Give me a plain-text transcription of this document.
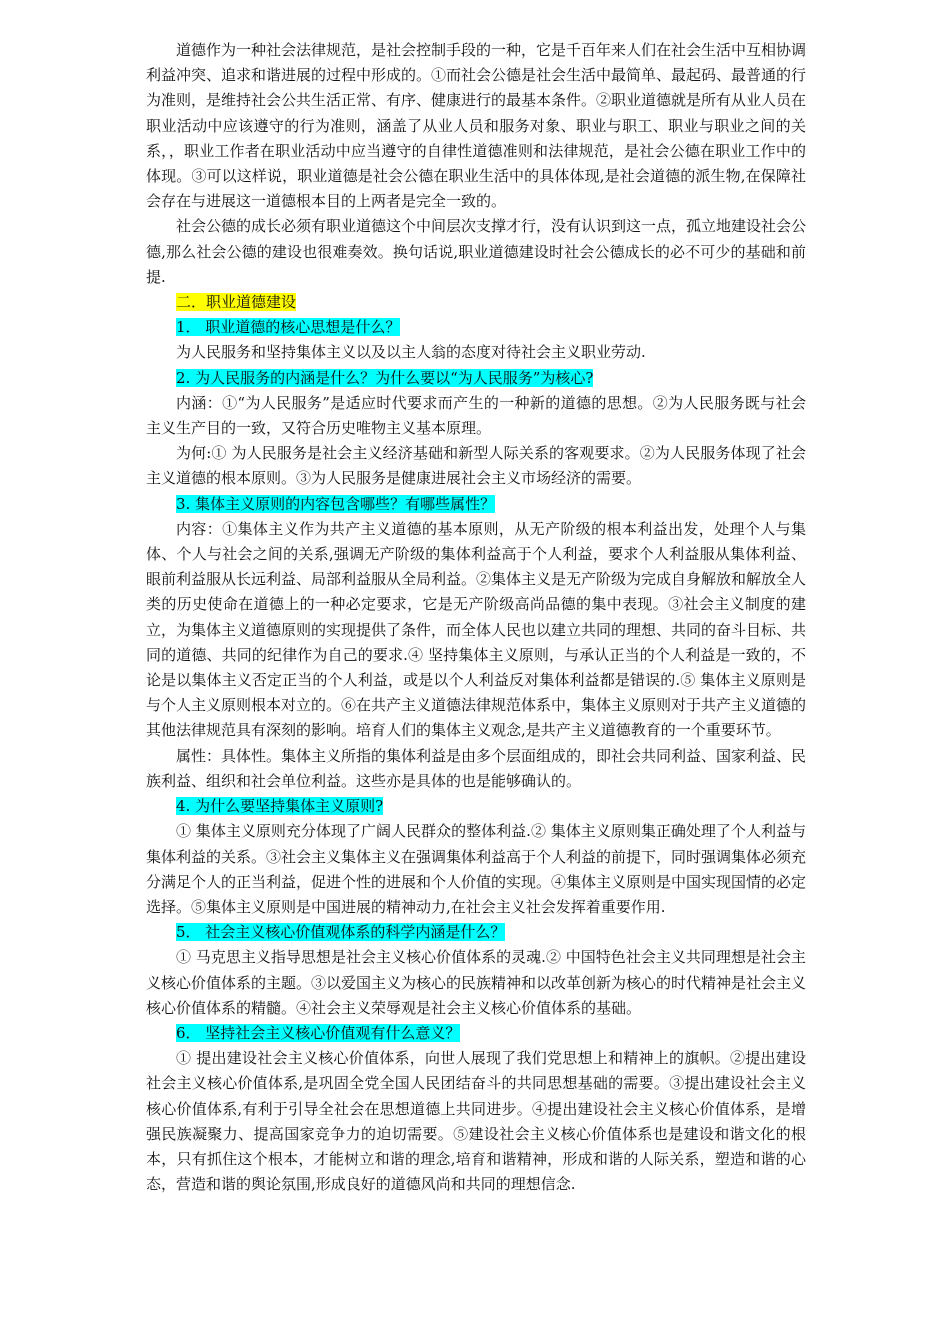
道德作为一种社会法律规范，是社会控制手段的一种，它是千百年来人们在社会生活中互相协调利益冲突、追求和谐进展的过程中形成的。①而社会公德是社会生活中最简单、最起码、最普通的行为准则，是维持社会公共生活正常、有序、健康进行的最基本条件。②职业道德就是所有从业人员在职业活动中应该遵守的行为准则，涵盖了从业人员和服务对象、职业与职工、职业与职业之间的关系，，职业工作者在职业活动中应当遵守的自律性道德准则和法律规范，是社会公德在职业工作中的体现。③可以这样说，职业道德是社会公德在职业生活中的具体体现,是社会道德的派生物,在保障社会存在与进展这一道德根本目的上两者是完全一致的。

社会公德的成长必须有职业道德这个中间层次支撑才行，没有认识到这一点，孤立地建设社会公德,那么社会公德的建设也很难奏效。换句话说,职业道德建设时社会公德成长的必不可少的基础和前提.

二．职业道德建设
1． 职业道德的核心思想是什么？

为人民服务和坚持集体主义以及以主人翁的态度对待社会主义职业劳动.

2. 为人民服务的内涵是什么？为什么要以“为人民服务”为核心?

内涵：①“为人民服务”是适应时代要求而产生的一种新的道德的思想。②为人民服务既与社会主义生产目的一致，又符合历史唯物主义基本原理。

为何:① 为人民服务是社会主义经济基础和新型人际关系的客观要求。②为人民服务体现了社会主义道德的根本原则。③为人民服务是健康进展社会主义市场经济的需要。

3. 集体主义原则的内容包含哪些？有哪些属性？

内容：①集体主义作为共产主义道德的基本原则，从无产阶级的根本利益出发，处理个人与集体、个人与社会之间的关系,强调无产阶级的集体利益高于个人利益，要求个人利益服从集体利益、眼前利益服从长远利益、局部利益服从全局利益。②集体主义是无产阶级为完成自身解放和解放全人类的历史使命在道德上的一种必定要求，它是无产阶级高尚品德的集中表现。③社会主义制度的建立，为集体主义道德原则的实现提供了条件，而全体人民也以建立共同的理想、共同的奋斗目标、共同的道德、共同的纪律作为自己的要求.④ 坚持集体主义原则，与承认正当的个人利益是一致的，不论是以集体主义否定正当的个人利益，或是以个人利益反对集体利益都是错误的.⑤ 集体主义原则是与个人主义原则根本对立的。⑥在共产主义道德法律规范体系中，集体主义原则对于共产主义道德的其他法律规范具有深刻的影响。培育人们的集体主义观念,是共产主义道德教育的一个重要环节。

属性：具体性。集体主义所指的集体利益是由多个层面组成的，即社会共同利益、国家利益、民族利益、组织和社会单位利益。这些亦是具体的也是能够确认的。

4. 为什么要坚持集体主义原则?

① 集体主义原则充分体现了广阔人民群众的整体利益.② 集体主义原则集正确处理了个人利益与集体利益的关系。③社会主义集体主义在强调集体利益高于个人利益的前提下，同时强调集体必须充分满足个人的正当利益，促进个性的进展和个人价值的实现。④集体主义原则是中国实现国情的必定选择。⑤集体主义原则是中国进展的精神动力,在社会主义社会发挥着重要作用.

5． 社会主义核心价值观体系的科学内涵是什么？

① 马克思主义指导思想是社会主义核心价值体系的灵魂.② 中国特色社会主义共同理想是社会主义核心价值体系的主题。③以爱国主义为核心的民族精神和以改革创新为核心的时代精神是社会主义核心价值体系的精髓。④社会主义荣辱观是社会主义核心价值体系的基础。

6． 坚持社会主义核心价值观有什么意义？

① 提出建设社会主义核心价值体系，向世人展现了我们党思想上和精神上的旗帜。②提出建设社会主义核心价值体系,是巩固全党全国人民团结奋斗的共同思想基础的需要。③提出建设社会主义核心价值体系,有利于引导全社会在思想道德上共同进步。④提出建设社会主义核心价值体系，是增强民族凝聚力、提高国家竞争力的迫切需要。⑤建设社会主义核心价值体系也是建设和谐文化的根本，只有抓住这个根本，才能树立和谐的理念,培育和谐精神，形成和谐的人际关系，塑造和谐的心态，营造和谐的舆论氛围,形成良好的道德风尚和共同的理想信念.
